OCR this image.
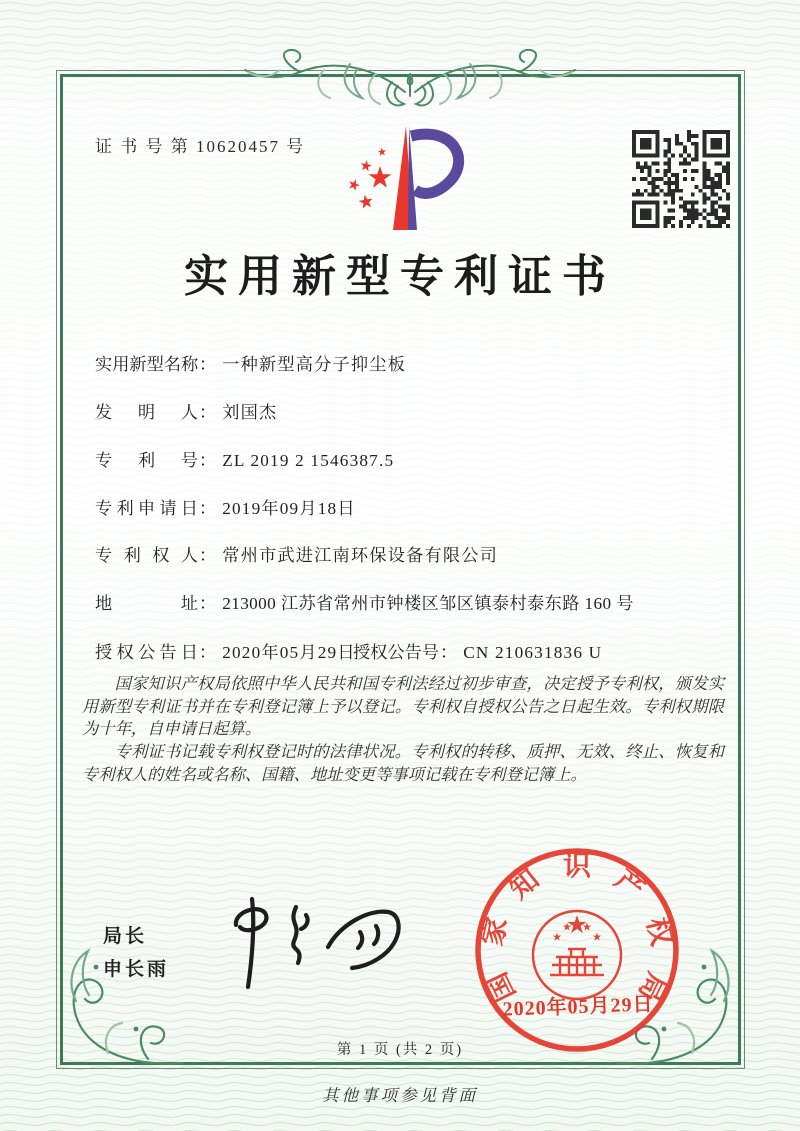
证 书 号 第 10620457 号
实用新型专利证书
实用新型名称： 一种新型高分子抑尘板
发明人： 刘国杰
专利号： ZL 2019 2 1546387.5
专利申请日： 2019年09月18日
专利权人： 常州市武进江南环保设备有限公司
地址： 213000 江苏省常州市钟楼区邹区镇泰村泰东路 160 号
授权公告日： 2020年05月29日
授权公告号： CN 210631836 U

国家知识产权局依照中华人民共和国专利法经过初步审查，决定授予专利权，颁发实用新型专利证书并在专利登记簿上予以登记。专利权自授权公告之日起生效。专利权期限为十年，自申请日起算。

专利证书记载专利权登记时的法律状况。专利权的转移、质押、无效、终止、恢复和专利权人的姓名或名称、国籍、地址变更等事项记载在专利登记簿上。

局长
申长雨	国
家
知 识 产
权
局
2020年05月29日
第 1 页 (共 2 页)
其他事项参见背面
